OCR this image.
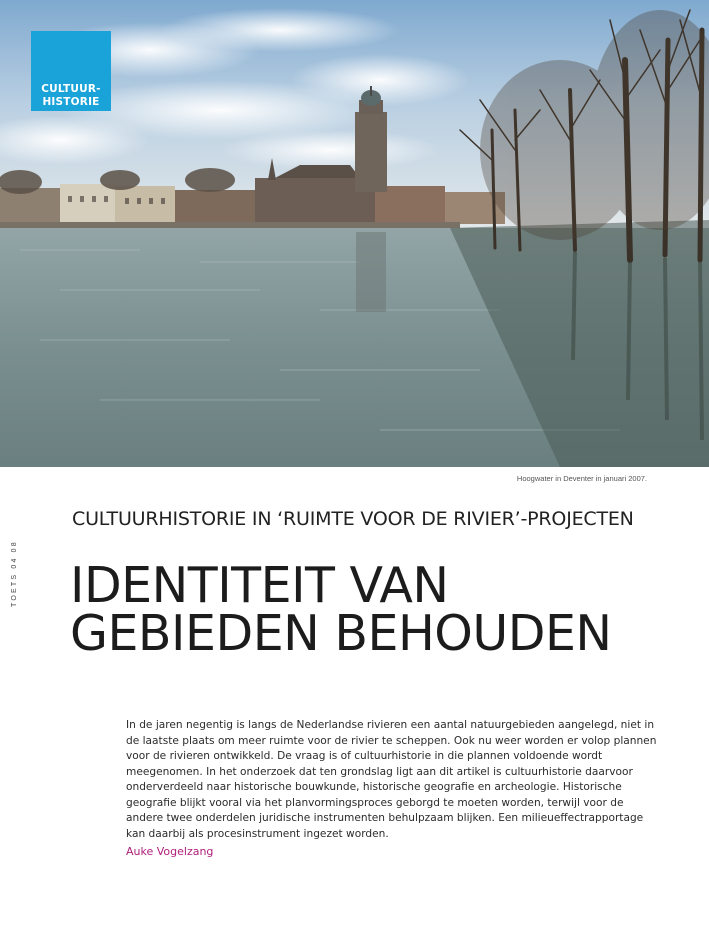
CULTUUR-
HISTORIE
Hoogwater in Deventer in januari 2007.
TOETS 04 08
CULTUURHISTORIE IN ‘RUIMTE VOOR DE RIVIER’-PROJECTEN
IDENTITEIT VAN
GEBIEDEN BEHOUDEN

In de jaren negentig is langs de Nederlandse rivieren een aantal natuurgebieden aangelegd, niet in de laatste plaats om meer ruimte voor de rivier te scheppen. Ook nu weer worden er volop plannen voor de rivieren ontwikkeld. De vraag is of cultuurhistorie in die plannen voldoende wordt meegenomen. In het onderzoek dat ten grondslag ligt aan dit artikel is cultuurhistorie daarvoor onderverdeeld naar historische bouwkunde, historische geografie en archeologie. Historische geografie blijkt vooral via het planvormingsproces geborgd te moeten worden, terwijl voor de andere twee onderdelen juridische instrumenten behulpzaam blijken. Een milieueffectrapportage kan daarbij als procesinstrument ingezet worden.

Auke Vogelzang
